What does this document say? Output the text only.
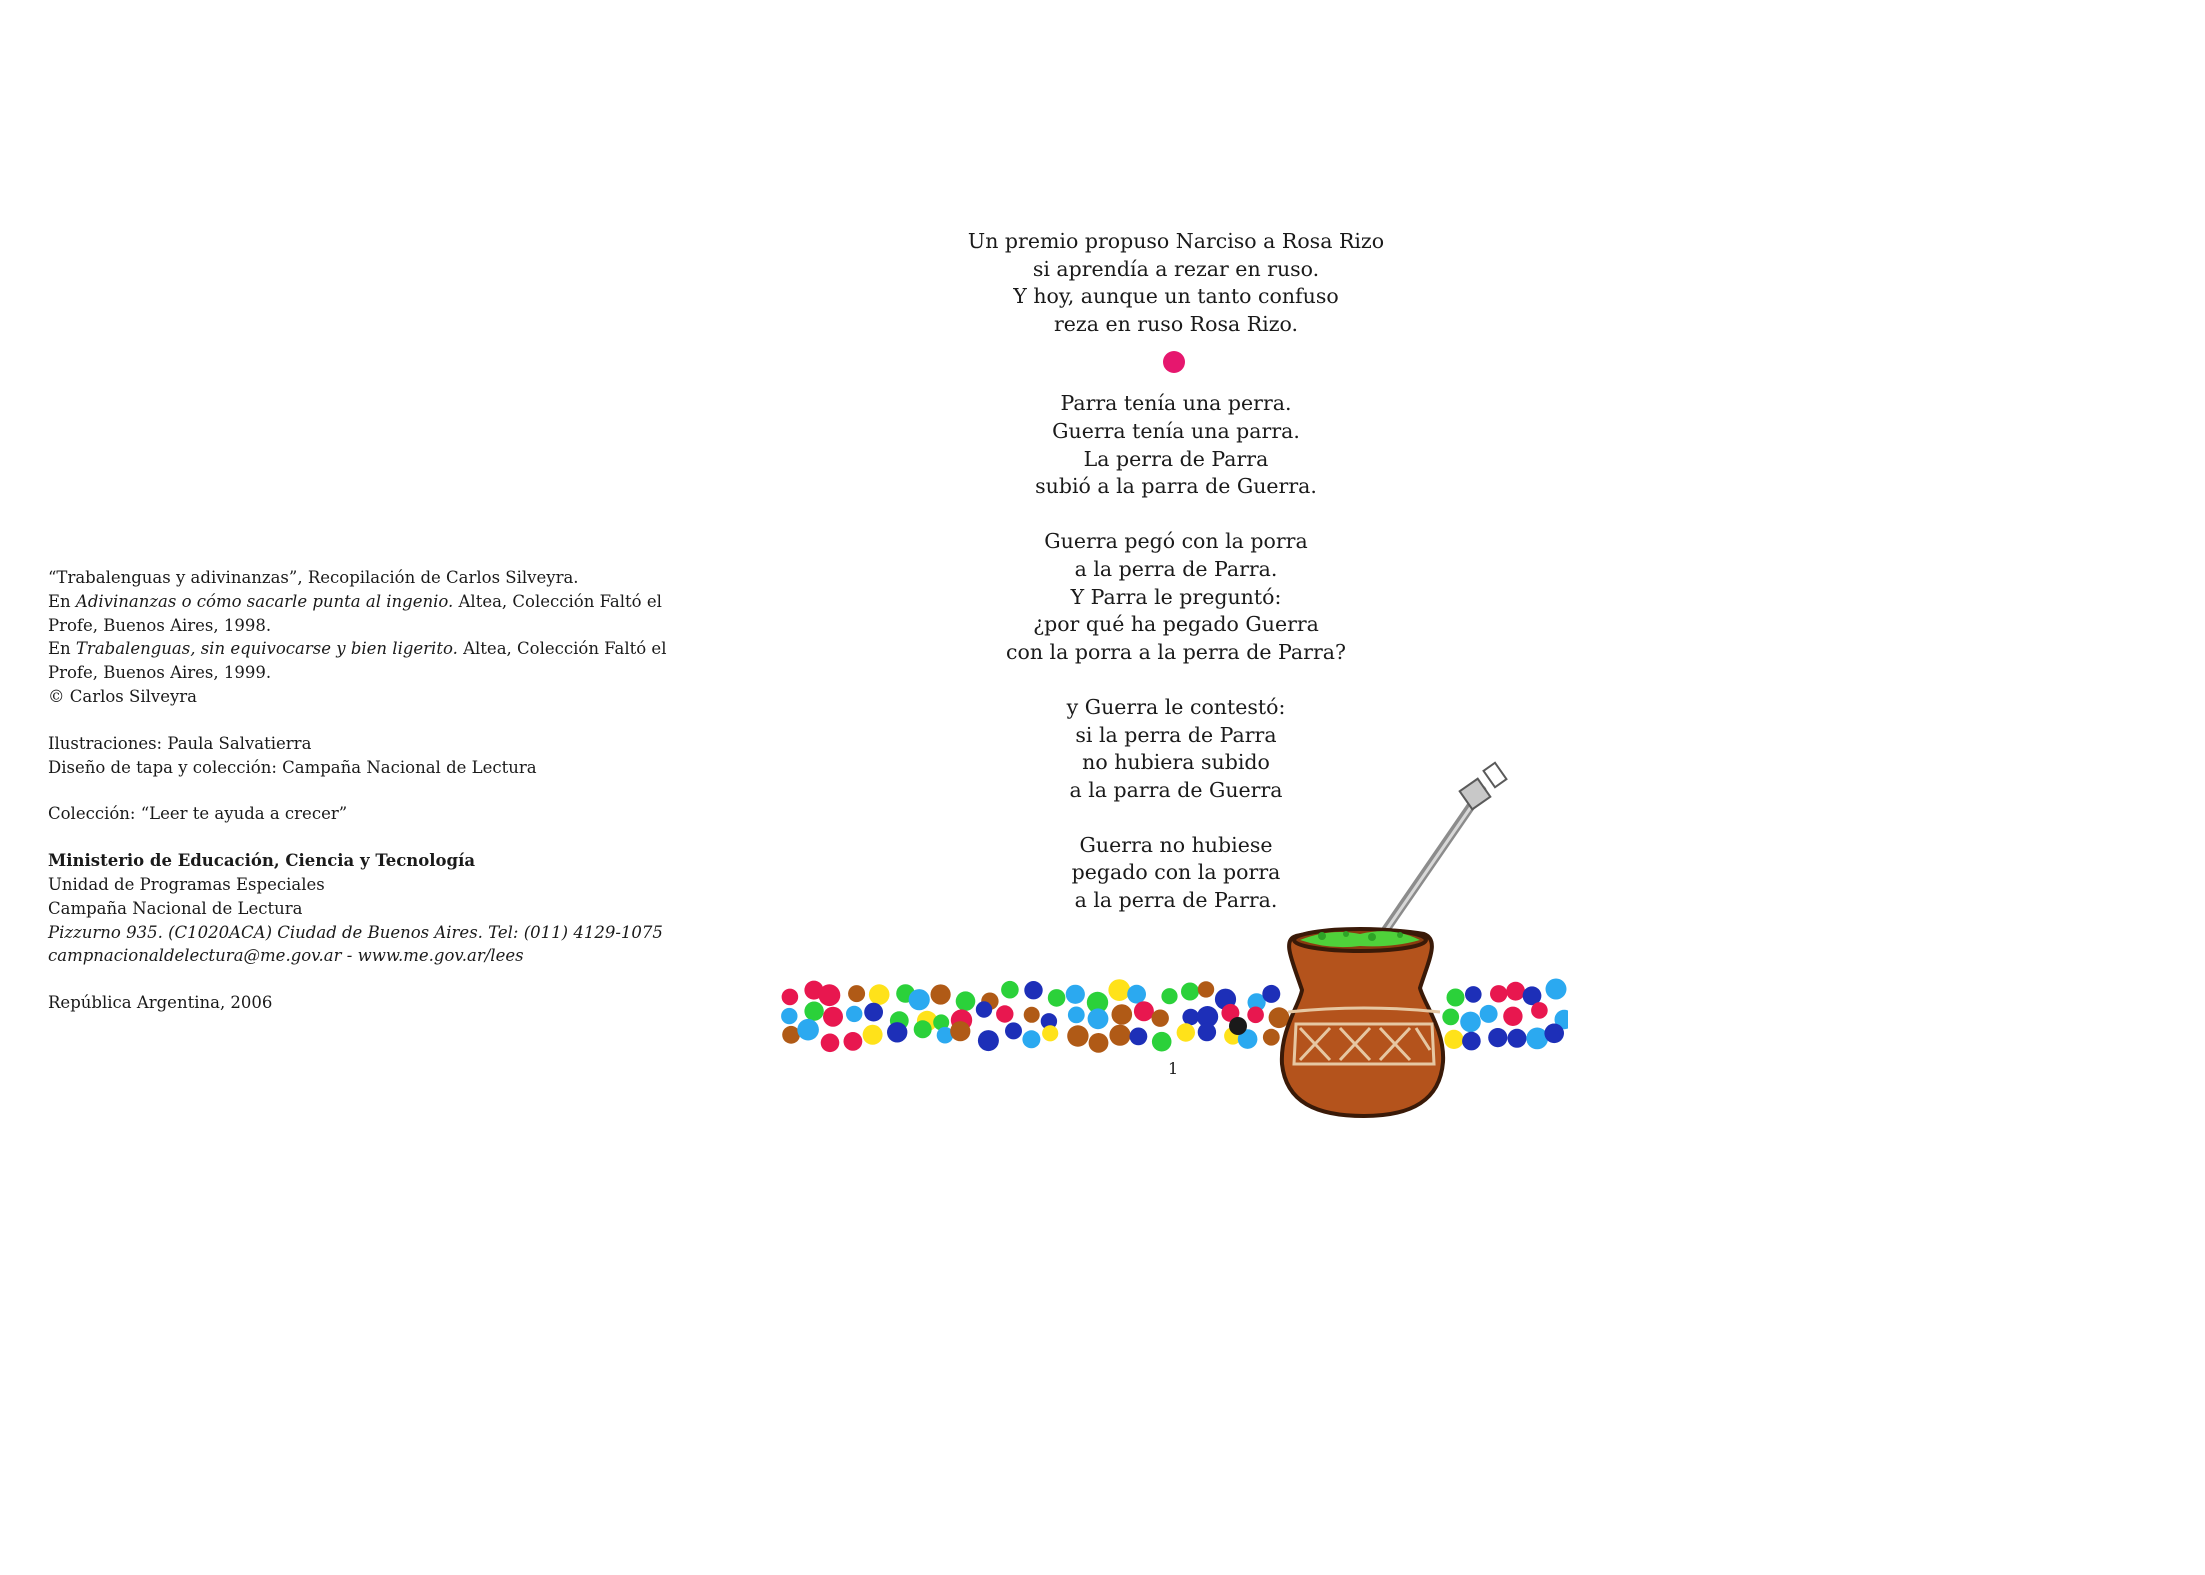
“Trabalenguas y adivinanzas”, Recopilación de Carlos Silveyra.
En Adivinanzas o cómo sacarle punta al ingenio. Altea, Colección Faltó el
Profe, Buenos Aires, 1998.
En Trabalenguas, sin equivocarse y bien ligerito. Altea, Colección Faltó el
Profe, Buenos Aires, 1999.
© Carlos Silveyra
Ilustraciones: Paula Salvatierra
Diseño de tapa y colección: Campaña Nacional de Lectura
Colección: “Leer te ayuda a crecer”
Ministerio de Educación, Ciencia y Tecnología
Unidad de Programas Especiales
Campaña Nacional de Lectura
Pizzurno 935. (C1020ACA) Ciudad de Buenos Aires. Tel: (011) 4129-1075
campnacionaldelectura@me.gov.ar - www.me.gov.ar/lees
República Argentina, 2006
Un premio propuso Narciso a Rosa Rizo
si aprendía a rezar en ruso.
Y hoy, aunque un tanto confuso
reza en ruso Rosa Rizo.
Parra tenía una perra.
Guerra tenía una parra.
La perra de Parra
subió a la parra de Guerra.
Guerra pegó con la porra
a la perra de Parra.
Y Parra le preguntó:
¿por qué ha pegado Guerra
con la porra a la perra de Parra?
y Guerra le contestó:
si la perra de Parra
no hubiera subido
a la parra de Guerra
Guerra no hubiese
pegado con la porra
a la perra de Parra.
1
